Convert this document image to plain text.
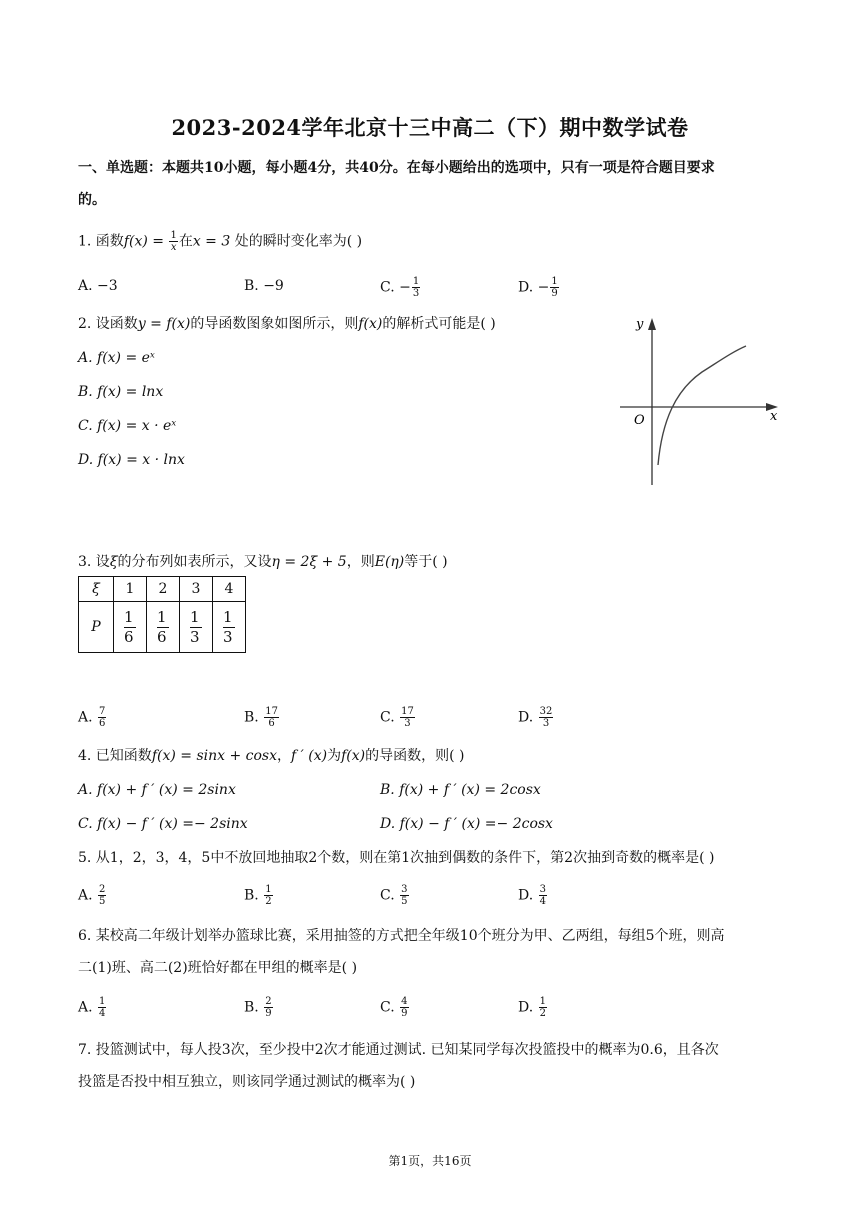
2023-2024学年北京十三中高二（下）期中数学试卷
一、单选题：本题共10小题，每小题4分，共40分。在每小题给出的选项中，只有一项是符合题目要求
的。
1. 函数$f(x) = \frac{1}{x}$ 在x = 3 处的瞬时变化率为( )
A. −3	B. −9	C. − $\frac{1}{3}$	D. − $\frac{1}{9}$
2. 设函数y = f(x)的导函数图象如图所示，则f(x)的解析式可能是( )
A. f(x) = eˣ
B. f(x) = lnx
C. f(x) = x · eˣ
D. f(x) = x · lnx
y
x
O
3. 设ξ的分布列如表所示，又设η = 2ξ + 5，则E(η)等于( )
ξ	1	2	3	4
P	$\frac{1}{6}$	$\frac{1}{6}$	$\frac{1}{3}$	$\frac{1}{3}$
A. $\frac{7}{6}$	B. $\frac{17}{6}$	C. $\frac{17}{3}$	D. $\frac{32}{3}$
4. 已知函数f(x) = sinx + cosx，f ′ (x)为f(x)的导函数，则( )
A. f(x) + f ′ (x) = 2sinx	B. f(x) + f ′ (x) = 2cosx
C. f(x) − f ′ (x) =− 2sinx	D. f(x) − f ′ (x) =− 2cosx
5. 从1，2，3，4，5中不放回地抽取2个数，则在第1次抽到偶数的条件下，第2次抽到奇数的概率是( )
A. $\frac{2}{5}$	B. $\frac{1}{2}$	C. $\frac{3}{5}$	D. $\frac{3}{4}$
6. 某校高二年级计划举办篮球比赛，采用抽签的方式把全年级10个班分为甲、乙两组，每组5个班，则高
二(1)班、高二(2)班恰好都在甲组的概率是( )
A. $\frac{1}{4}$	B. $\frac{2}{9}$	C. $\frac{4}{9}$	D. $\frac{1}{2}$
7. 投篮测试中，每人投3次，至少投中2次才能通过测试. 已知某同学每次投篮投中的概率为0.6，且各次
投篮是否投中相互独立，则该同学通过测试的概率为( )
第1页，共16页
